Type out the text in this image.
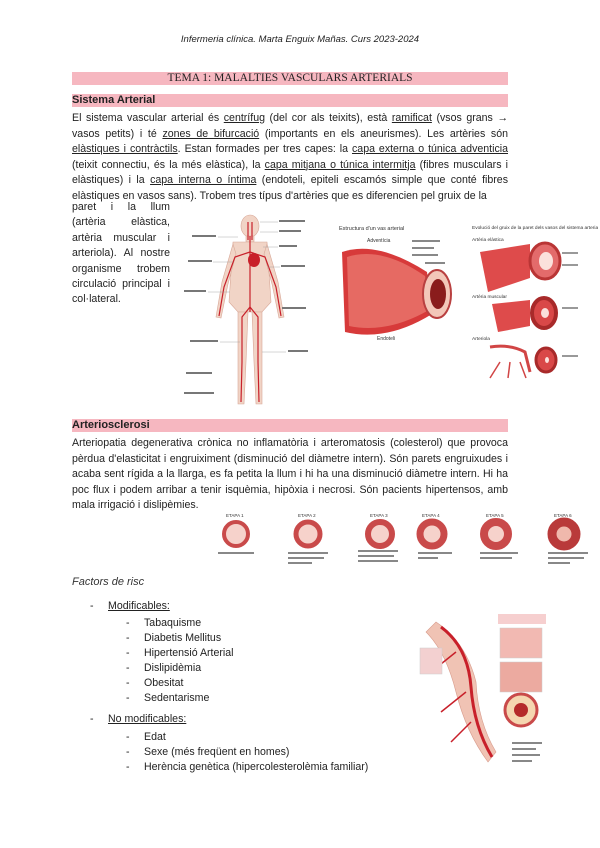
Infermeria clínica. Marta Enguix Mañas. Curs 2023-2024
TEMA 1: MALALTIES VASCULARS ARTERIALS
Sistema Arterial
El sistema vascular arterial és centrífug (del cor als teixits), està ramificat (vsos grans → vasos petits) i té zones de bifurcació (importants en els aneurismes). Les artèries són elàstiques i contràctils. Estan formades per tres capes: la capa externa o túnica adventicia (teixit connectiu, és la més elàstica), la capa mitjana o túnica intermitja (fibres musculars i elàstiques) i la capa interna o íntima (endoteli, epiteli escamós simple que conté fibres elàstiques en vasos sans). Trobem tres típus d'artèries que es diferencien pel gruix de la
paret i la llum (artèria elàstica, artèria muscular i arteriola). Al nostre organisme trobem circulació principal i col·lateral.
Estructura d'un vas arterial
Adventícia
Endoteli
Evolució del gruix de la paret dels vasos del sistema arterial
Artèria elàstica
Artèria muscular
Arteriola
Arteriosclerosi
Arteriopatia degenerativa crònica no inflamatòria i arteromatosis (colesterol) que provoca pèrdua d'elasticitat i engruiximent (disminució del diàmetre intern). Són parets engruixudes i acaba sent rígida a la llarga, es fa petita la llum i hi ha una disminució diàmetre intern. Hi ha poc flux i podem arribar a tenir isquèmia, hipòxia i necrosi. Són pacients hipertensos, amb mala irrigació i dislipèmies.
ETAPA 1	ETAPA 2	ETAPA 3	ETAPA 4	ETAPA 5	ETAPA 6
Factors de risc
- Modificables:
- Tabaquisme
- Diabetis Mellitus
- Hipertensió Arterial
- Dislipidèmia
- Obesitat
- Sedentarisme
- No modificables:
- Edat
- Sexe (més freqüent en homes)
- Herència genètica (hipercolesterolèmia familiar)
